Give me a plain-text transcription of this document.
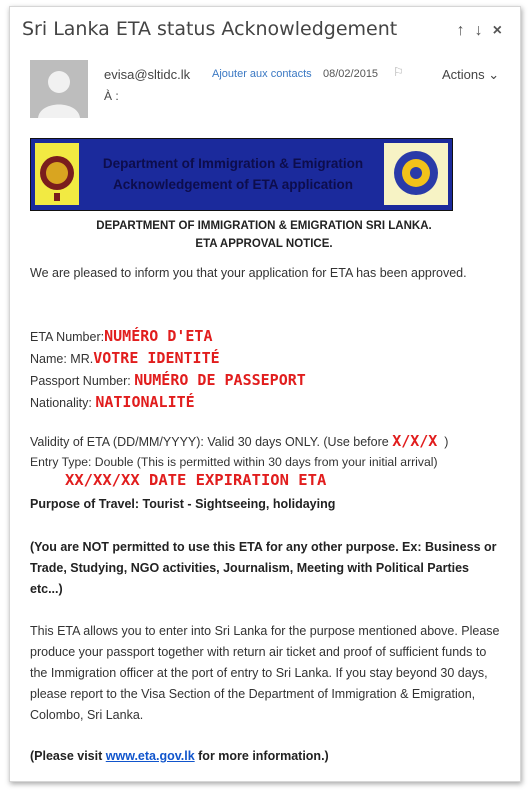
Sri Lanka ETA status Acknowledgement	↑ ↓ ×
evisa@sltidc.lk Ajouter aux contacts 08/02/2015 ⚐	Actions ⌄
À :
Department of Immigration & Emigration
Acknowledgement of ETA application
DEPARTMENT OF IMMIGRATION & EMIGRATION SRI LANKA.
ETA APPROVAL NOTICE.
We are pleased to inform you that your application for ETA has been approved.
ETA Number:NUMÉRO D'ETA
Name: MR.VOTRE IDENTITÉ
Passport Number: NUMÉRO DE PASSEPORT
Nationality: NATIONALITÉ
Validity of ETA (DD/MM/YYYY): Valid 30 days ONLY. (Use before X/X/X )
Entry Type: Double (This is permitted within 30 days from your initial arrival)
XX/XX/XX DATE EXPIRATION ETA
Purpose of Travel: Tourist - Sightseeing, holidaying
(You are NOT permitted to use this ETA for any other purpose. Ex: Business or Trade, Studying, NGO activities, Journalism, Meeting with Political Parties etc...)
This ETA allows you to enter into Sri Lanka for the purpose mentioned above. Please produce your passport together with return air ticket and proof of sufficient funds to the Immigration officer at the port of entry to Sri Lanka. If you stay beyond 30 days, please report to the Visa Section of the Department of Immigration & Emigration, Colombo, Sri Lanka.
(Please visit www.eta.gov.lk for more information.)
